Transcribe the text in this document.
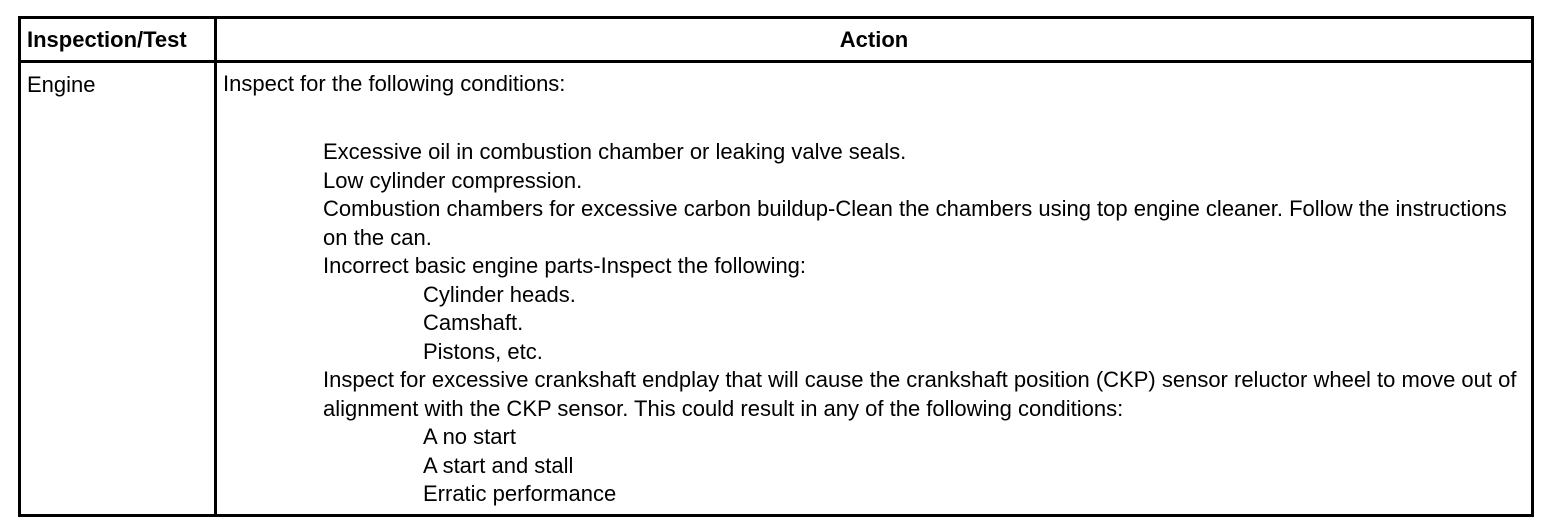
Inspection/Test	Action
Engine	Inspect for the following conditions:

Excessive oil in combustion chamber or leaking valve seals.
Low cylinder compression.
Combustion chambers for excessive carbon buildup-Clean the chambers using top engine cleaner. Follow the instructions on the can.
Incorrect basic engine parts-Inspect the following:
Cylinder heads.
Camshaft.
Pistons, etc.
Inspect for excessive crankshaft endplay that will cause the crankshaft position (CKP) sensor reluctor wheel to move out of alignment with the CKP sensor. This could result in any of the following conditions:
A no start
A start and stall
Erratic performance
